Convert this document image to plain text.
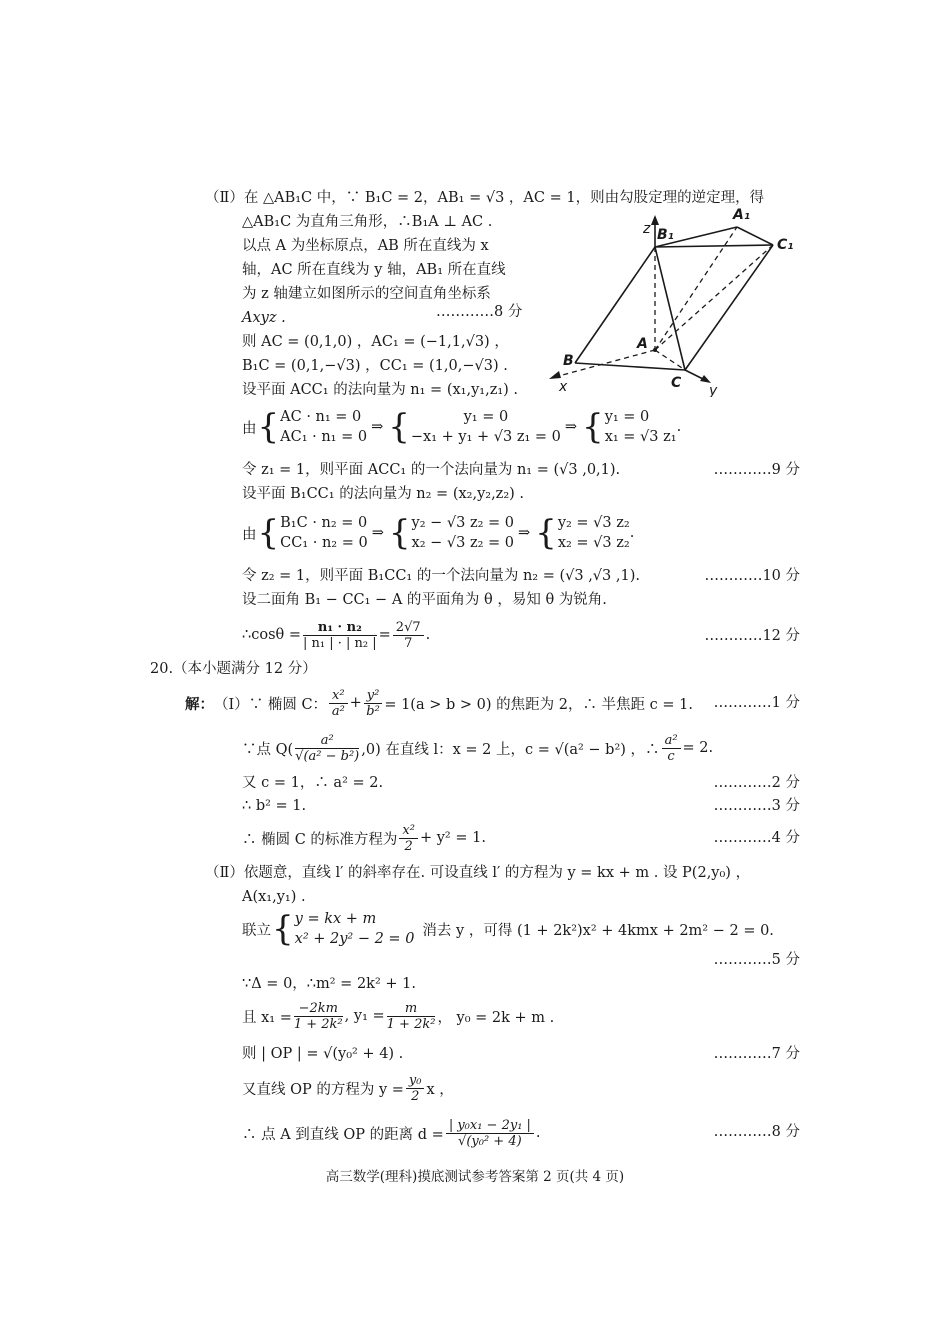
（Ⅱ）在 △AB₁C 中，∵ B₁C = 2，AB₁ = √3 ，AC = 1，则由勾股定理的逆定理，得
△AB₁C 为直角三角形，∴B₁A ⊥ AC .
以点 A 为坐标原点，AB 所在直线为 x
轴，AC 所在直线为 y 轴，AB₁ 所在直线
为 z 轴建立如图所示的空间直角坐标系
Axyz .	…………8 分
则 AC = (0,1,0) ，AC₁ = (−1,1,√3) ，
B₁C = (0,1,−√3) ，CC₁ = (1,0,−√3) .
设平面 ACC₁ 的法向量为 n₁ = (x₁,y₁,z₁) .
z B₁
A₁
C₁
A
B
C
x	y
由 { AC · n₁ = 0
AC₁ · n₁ = 0
⇒ {	y₁ = 0
−x₁ + y₁ + √3 z₁ = 0
⇒ { y₁ = 0
x₁ = √3 z₁
.
令 z₁ = 1，则平面 ACC₁ 的一个法向量为 n₁ = (√3 ,0,1).	…………9 分
设平面 B₁CC₁ 的法向量为 n₂ = (x₂,y₂,z₂) .
由 { B₁C · n₂ = 0
CC₁ · n₂ = 0
⇒ { y₂ − √3 z₂ = 0
x₂ − √3 z₂ = 0
⇒ { y₂ = √3 z₂
x₂ = √3 z₂
.
令 z₂ = 1，则平面 B₁CC₁ 的一个法向量为 n₂ = (√3 ,√3 ,1).	…………10 分
设二面角 B₁ − CC₁ − A 的平面角为 θ ，易知 θ 为锐角.
∴cosθ = $\frac{\text{n₁ · n₂}}{\text{| n₁ | · | n₂ |}} = \frac{2√7}{7}$ .	…………12 分
20.（本小题满分 12 分）
解： （Ⅰ）∵ 椭圆 C： $\frac{\text{x²}}{\text{a²}} + \frac{\text{y²}}{\text{b²}} = 1(a > b > 0)$ 的焦距为 2，∴ 半焦距 c = 1. …………1 分
∵点 $Q( \frac{\text{a²}}{\text{√(a² − b²)}} ,0)$ 在直线 l：x = 2 上，c = √(a² − b²) ，∴ $\frac{\text{a²}}{c} = 2$.
又 c = 1，∴ a² = 2.	…………2 分
∴ b² = 1.	…………3 分
∴ 椭圆 C 的标准方程为 $\frac{\text{x²}}{2} + y^2 = 1$.	…………4 分
（Ⅱ）依题意，直线 l′ 的斜率存在. 可设直线 l′ 的方程为 y = kx + m . 设 P(2,y₀) ，
A(x₁,y₁) .
联立 { y = kx + m
x² + 2y² − 2 = 0
消去 y ，可得 (1 + 2k²)x² + 4kmx + 2m² − 2 = 0.
…………5 分
∵Δ = 0，∴m² = 2k² + 1.
且 $x_1 = \frac{-2km}{\text{1 + 2k²}}$ , $y_1 = \frac{m}{\text{1 + 2k²}}$ ， y₀ = 2k + m .
则 | OP | = √(y₀² + 4) .	…………7 分
又直线 OP 的方程为 $y = \frac{\text{y₀}}{2}$ x ，
∴ 点 A 到直线 OP 的距离 $d = \frac{\text{| y₀x₁ − 2y₁ |}}{\text{√(y₀² + 4)}}$ .	…………8 分
高三数学(理科)摸底测试参考答案第 2 页(共 4 页)
